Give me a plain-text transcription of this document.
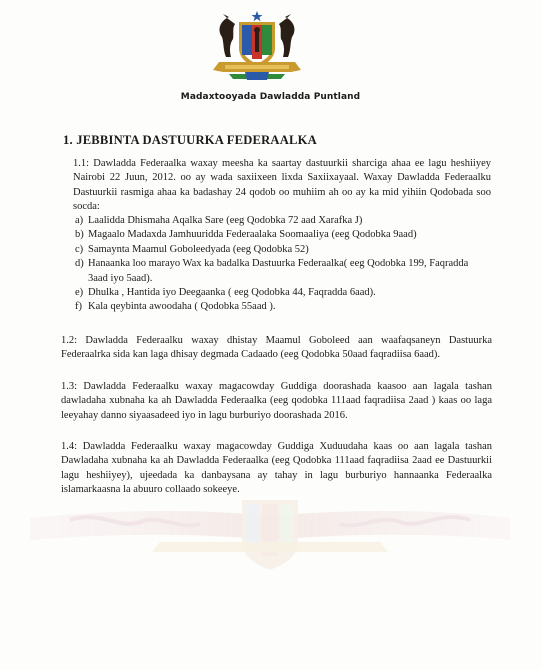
Madaxtooyada Dawladda Puntland
1. JEBBINTA DASTUURKA FEDERAALKA

1.1: Dawladda Federaalka waxay meesha ka saartay dastuurkii sharciga ahaa ee lagu heshiiyey Nairobi 22 Juun, 2012. oo ay wada saxiixeen lixda Saxiixayaal. Waxay Dawladda Federaalku Dastuurkii rasmiga ahaa ka badashay 24 qodob oo muhiim ah oo ay ka mid yihiin Qodobada soo socda:

a) Laalidda Dhismaha Aqalka Sare (eeg Qodobka 72 aad Xarafka J)
b) Magaalo Madaxda Jamhuuridda Federaalaka Soomaaliya (eeg Qodobka 9aad)
c) Samaynta Maamul Goboleedyada (eeg Qodobka 52)
d) Hanaanka loo marayo Wax ka badalka Dastuurka Federaalka( eeg Qodobka 199, Faqradda 3aad iyo 5aad).
e) Dhulka , Hantida iyo Deegaanka ( eeg Qodobka 44, Faqradda 6aad).
f) Kala qeybinta awoodaha ( Qodobka 55aad ).

1.2: Dawladda Federaalku waxay dhistay Maamul Goboleed aan waafaqsaneyn Dastuurka Federaalrka sida kan laga dhisay degmada Cadaado (eeg Qodobka 50aad faqradiisa 6aad).

1.3: Dawladda Federaalku waxay magacowday Guddiga doorashada kaasoo aan lagala tashan dawladaha xubnaha ka ah Dawladda Federaalka (eeg qodobka 111aad faqradiisa 2aad ) kaas oo laga leeyahay danno siyaasadeed iyo in lagu burburiyo doorashada 2016.

1.4: Dawladda Federaalku waxay magacowday Guddiga Xuduudaha kaas oo aan lagala tashan Dawladaha xubnaha ka ah Dawladda Federaalka (eeg Qodobka 111aad faqradiisa 2aad ee Dastuurkii lagu heshiiyey), ujeedada ka danbaysana ay tahay in lagu burburiyo hannaanka Federaalka islamarkaasna la abuuro collaado sokeeye.
